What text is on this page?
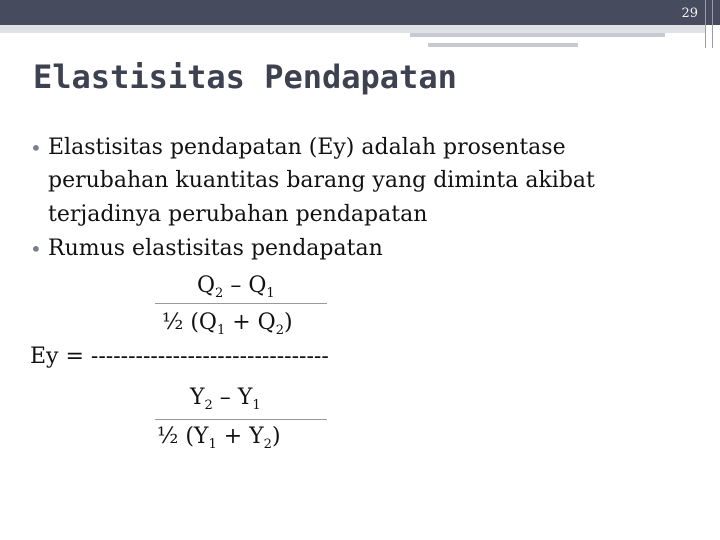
29
Elastisitas Pendapatan
• Elastisitas pendapatan (Ey) adalah prosentase
perubahan kuantitas barang yang diminta akibat
terjadinya perubahan pendapatan
• Rumus elastisitas pendapatan
$Q_2 - Q_1$
½ $(Q_1 + Q_2)$
Ey = --------------------------------
$Y_2 - Y_1$
½ $(Y_1 + Y_2)$
